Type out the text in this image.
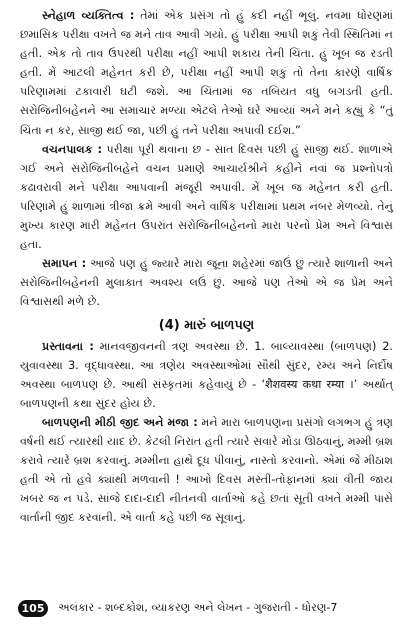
સ્નેહાળ વ્યક્તિત્વ : તેમાં એક પ્રસંગ તો હું કદી નહીં ભૂલું. નવમા ધોરણમાં છમાસિક પરીક્ષા વખતે જ મને તાવ આવી ગયો. હું પરીક્ષા આપી શકું તેવી સ્થિતિમાં ન હતી. એક તો તાવ ઉપરથી પરીક્ષા નહીં આપી શકાય તેની ચિંતા. હું ખૂબ જ રડતી હતી. મેં આટલી મહેનત કરી છે, પરીક્ષા નહીં આપી શકું તો તેના કારણે વાર્ષિક પરિણામમાં ટકાવારી ઘટી જશે. આ ચિંતામાં જ તબિયત વધુ બગડતી હતી. સરોજિનીબહેનને આ સમાચાર મળ્યા એટલે તેઓ ઘરે આવ્યાં અને મને કહ્યું કે “તું ચિંતા ન કર, સાજી થઈ જા, પછી હું તને પરીક્ષા અપાવી દઈશ.”

વચનપાલક : પરીક્ષા પૂરી થવાના છ - સાત દિવસ પછી હું સાજી થઈ. શાળાએ ગઈ અને સરોજિનીબહેને વચન પ્રમાણે આચાર્યશ્રીને કહીને નવાં જ પ્રશ્નોપત્રો કઢાવરાવી મને પરીક્ષા આપવાની મંજૂરી અપાવી. મેં ખૂબ જ મહેનત કરી હતી. પરિણામે હું શાળામાં ત્રીજા ક્રમે આવી અને વાર્ષિક પરીક્ષામાં પ્રથમ નંબર મેળવ્યો. તેનું મુખ્ય કારણ મારી મહેનત ઉપરાંત સરોજિનીબહેનનો મારા પરનો પ્રેમ અને વિશ્વાસ હતા.

સમાપન : આજે પણ હું જ્યારે મારા જૂના શહેરમાં જાઉં છું ત્યારે શાળાની અને સરોજિનીબહેનની મુલાકાત અવશ્ય લઉં છું. આજે પણ તેઓ એ જ પ્રેમ અને વિશ્વાસથી મળે છે.

(4) મારું બાળપણ

પ્રસ્તાવના : માનવજીવનની ત્રણ અવસ્થા છે. 1. બાલ્યાવસ્થા (બાળપણ) 2. યુવાવસ્થા 3. વૃદ્ધાવસ્થા. આ ત્રણેય અવસ્થાઓમાં સૌથી સુંદર, રમ્ય અને નિર્દોષ અવસ્થા બાળપણ છે. આથી સંસ્કૃતમાં કહેવાયું છે - ‘शैशवस्य कथा रम्या ।’ અર્થાત્ બાળપણની કથા સુંદર હોય છે.

બાળપણની મીઠી જીદ અને મજા : મને મારા બાળપણના પ્રસંગો લગભગ હું ત્રણ વર્ષની થઈ ત્યારથી યાદ છે. કેટલી નિરાંત હતી ત્યારે સવારે મોડા ઊઠવાનું, મમ્મી બ્રશ કરાવે ત્યારે બ્રશ કરવાનું. મમ્મીના હાથે દૂધ પીવાનું, નાસ્તો કરવાનો. એમાં જે મીઠાશ હતી એ તો હવે ક્યાંથી મળવાની ! આખો દિવસ મસ્તી-તોફાનમાં ક્યાં વીતી જાય ખબર જ ન પડે. સાંજે દાદા-દાદી નીતનવી વાર્તાઓ કહે છતાં સૂતી વખતે મમ્મી પાસે વાર્તાની જીદ કરવાની. એ વાર્તા કહે પછી જ સૂવાનું.

105	અલંકાર - શબ્દકોશ, વ્યાકરણ અને લેખન - ગુજરાતી - ધોરણ-7
